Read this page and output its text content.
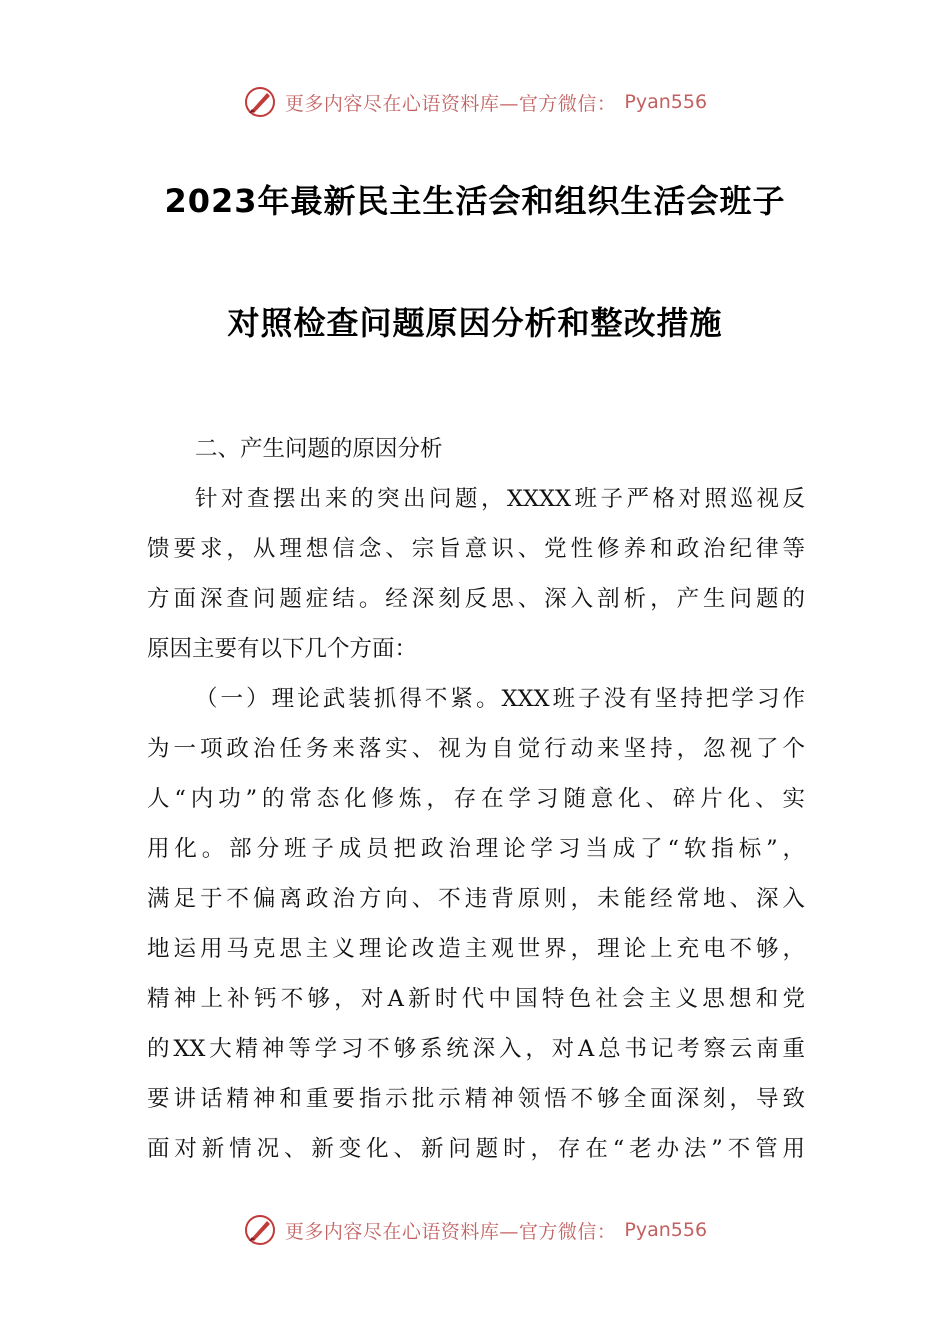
更多内容尽在心语资料库—官方微信： Pyan556
2023年最新民主生活会和组织生活会班子
对照检查问题原因分析和整改措施
二、产生问题的原因分析
针对查摆出来的突出问题，XXXX班子严格对照巡视反
馈要求，从理想信念、宗旨意识、党性修养和政治纪律等
方面深查问题症结。经深刻反思、深入剖析，产生问题的
原因主要有以下几个方面：
（一）理论武装抓得不紧。XXX班子没有坚持把学习作
为一项政治任务来落实、视为自觉行动来坚持，忽视了个
人“内功”的常态化修炼，存在学习随意化、碎片化、实
用化。部分班子成员把政治理论学习当成了“软指标”，
满足于不偏离政治方向、不违背原则，未能经常地、深入
地运用马克思主义理论改造主观世界，理论上充电不够，
精神上补钙不够，对A新时代中国特色社会主义思想和党
的XX大精神等学习不够系统深入，对A总书记考察云南重
要讲话精神和重要指示批示精神领悟不够全面深刻，导致
面对新情况、新变化、新问题时，存在“老办法”不管用
更多内容尽在心语资料库—官方微信： Pyan556
